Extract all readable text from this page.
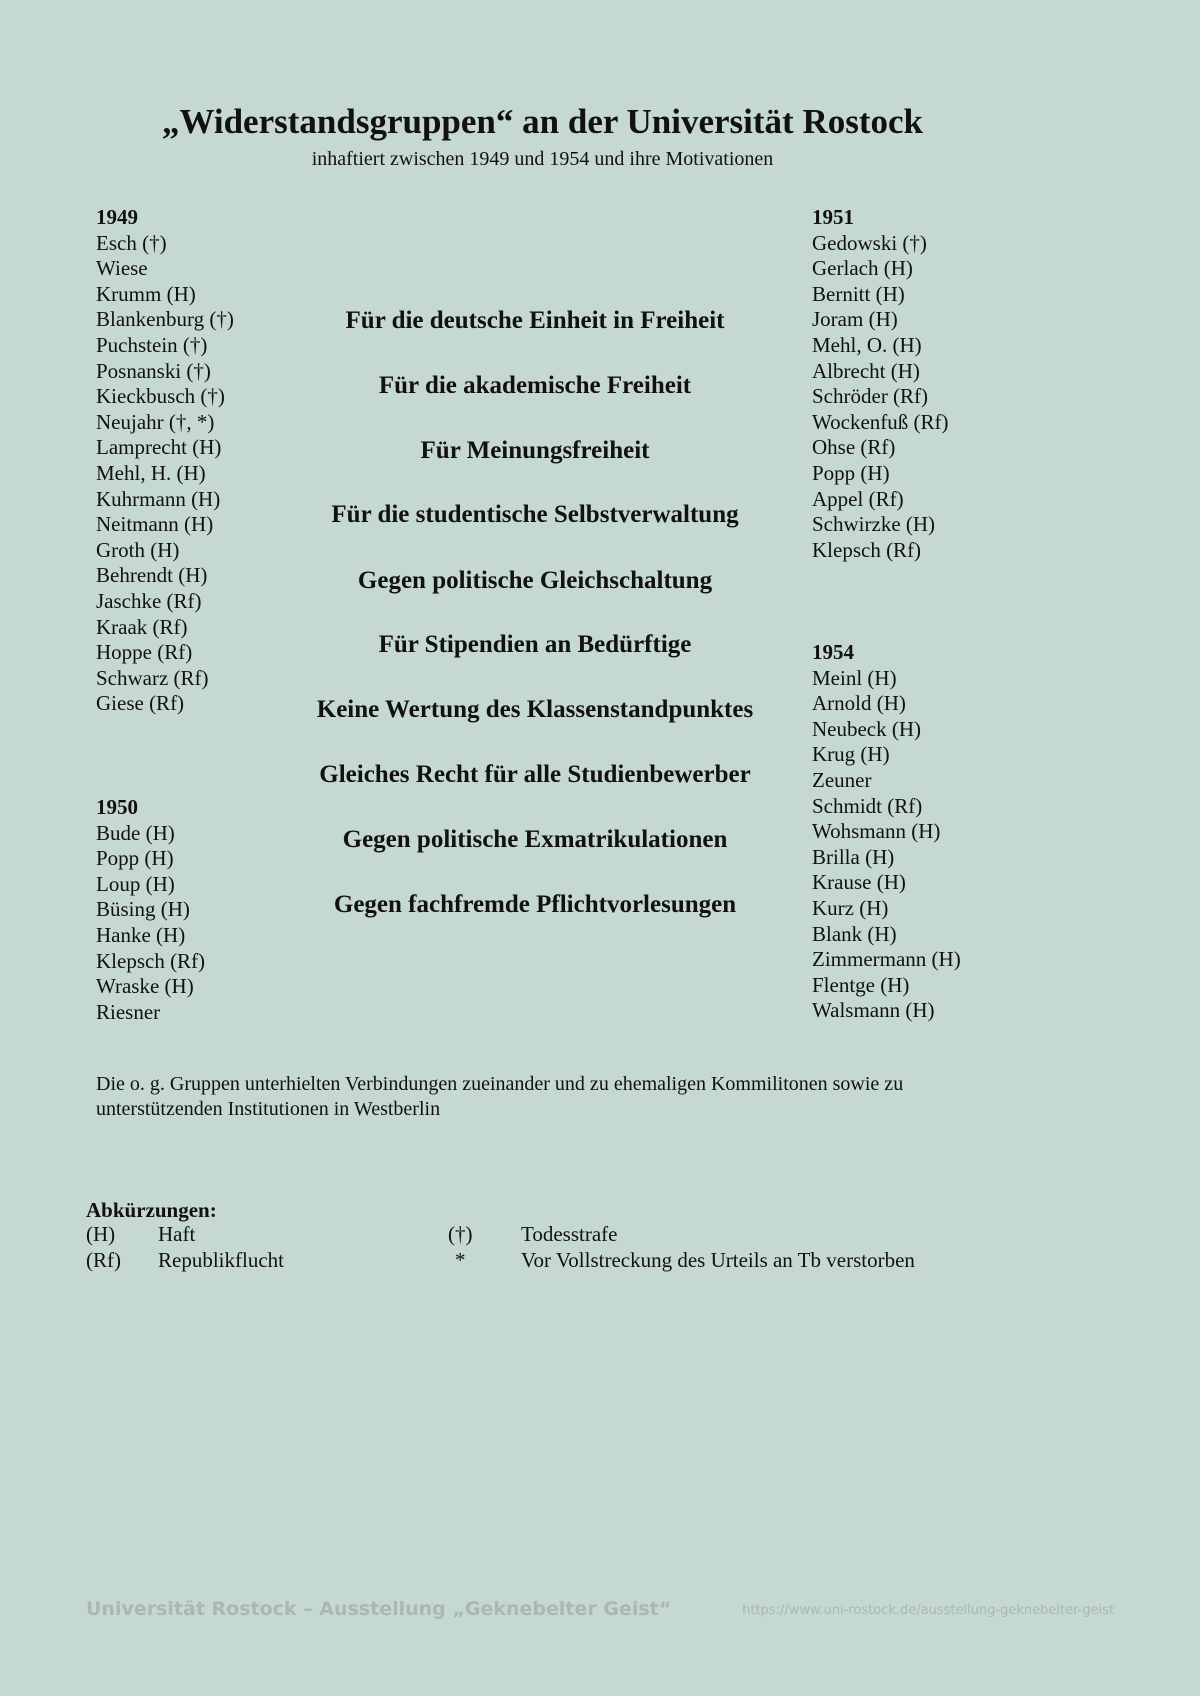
„Widerstandsgruppen“ an der Universität Rostock
inhaftiert zwischen 1949 und 1954 und ihre Motivationen
1949
Esch (†)
Wiese
Krumm (H)
Blankenburg (†)
Puchstein (†)
Posnanski (†)
Kieckbusch (†)
Neujahr (†, *)
Lamprecht (H)
Mehl, H. (H)
Kuhrmann (H)
Neitmann (H)
Groth (H)
Behrendt (H)
Jaschke (Rf)
Kraak (Rf)
Hoppe (Rf)
Schwarz (Rf)
Giese (Rf)
1950
Bude (H)
Popp (H)
Loup (H)
Büsing (H)
Hanke (H)
Klepsch (Rf)
Wraske (H)
Riesner
1951
Gedowski (†)
Gerlach (H)
Bernitt (H)
Joram (H)
Mehl, O. (H)
Albrecht (H)
Schröder (Rf)
Wockenfuß (Rf)
Ohse (Rf)
Popp (H)
Appel (Rf)
Schwirzke (H)
Klepsch (Rf)
1954
Meinl (H)
Arnold (H)
Neubeck (H)
Krug (H)
Zeuner
Schmidt (Rf)
Wohsmann (H)
Brilla (H)
Krause (H)
Kurz (H)
Blank (H)
Zimmermann (H)
Flentge (H)
Walsmann (H)
Für die deutsche Einheit in Freiheit
Für die akademische Freiheit
Für Meinungsfreiheit
Für die studentische Selbstverwaltung
Gegen politische Gleichschaltung
Für Stipendien an Bedürftige
Keine Wertung des Klassenstandpunktes
Gleiches Recht für alle Studienbewerber
Gegen politische Exmatrikulationen
Gegen fachfremde Pflichtvorlesungen
Die o. g. Gruppen unterhielten Verbindungen zueinander und zu ehemaligen Kommilitonen sowie zu unterstützenden Institutionen in Westberlin
Abkürzungen:
(H) Haft
(Rf) Republikflucht
(†) Todesstrafe
*	Vor Vollstreckung des Urteils an Tb verstorben
Universität Rostock – Ausstellung „Geknebelter Geist“	https://www.uni-rostock.de/ausstellung-geknebelter-geist
